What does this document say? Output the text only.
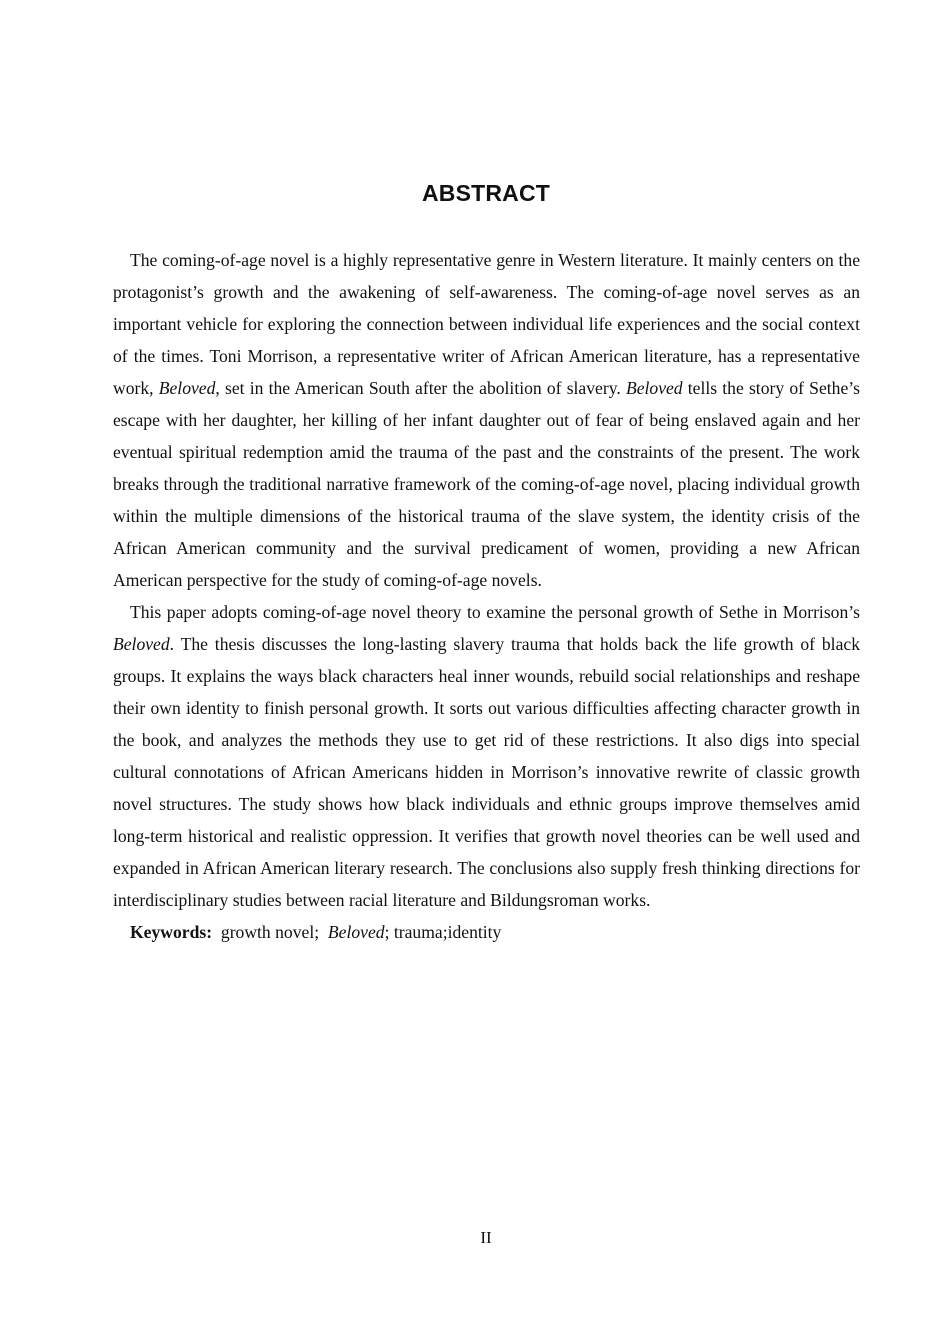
ABSTRACT

The coming-of-age novel is a highly representative genre in Western literature. It mainly centers on the protagonist’s growth and the awakening of self-awareness. The coming-of-age novel serves as an important vehicle for exploring the connection between individual life experiences and the social context of the times. Toni Morrison, a representative writer of African American literature, has a representative work, Beloved, set in the American South after the abolition of slavery. Beloved tells the story of Sethe’s escape with her daughter, her killing of her infant daughter out of fear of being enslaved again and her eventual spiritual redemption amid the trauma of the past and the constraints of the present. The work breaks through the traditional narrative framework of the coming-of-age novel, placing individual growth within the multiple dimensions of the historical trauma of the slave system, the identity crisis of the African American community and the survival predicament of women, providing a new African American perspective for the study of coming-of-age novels.

This paper adopts coming-of-age novel theory to examine the personal growth of Sethe in Morrison’s Beloved. The thesis discusses the long-lasting slavery trauma that holds back the life growth of black groups. It explains the ways black characters heal inner wounds, rebuild social relationships and reshape their own identity to finish personal growth. It sorts out various difficulties affecting character growth in the book, and analyzes the methods they use to get rid of these restrictions. It also digs into special cultural connotations of African Americans hidden in Morrison’s innovative rewrite of classic growth novel structures. The study shows how black individuals and ethnic groups improve themselves amid long-term historical and realistic oppression. It verifies that growth novel theories can be well used and expanded in African American literary research. The conclusions also supply fresh thinking directions for interdisciplinary studies between racial literature and Bildungsroman works.

Keywords: growth novel; Beloved; trauma;identity

II
